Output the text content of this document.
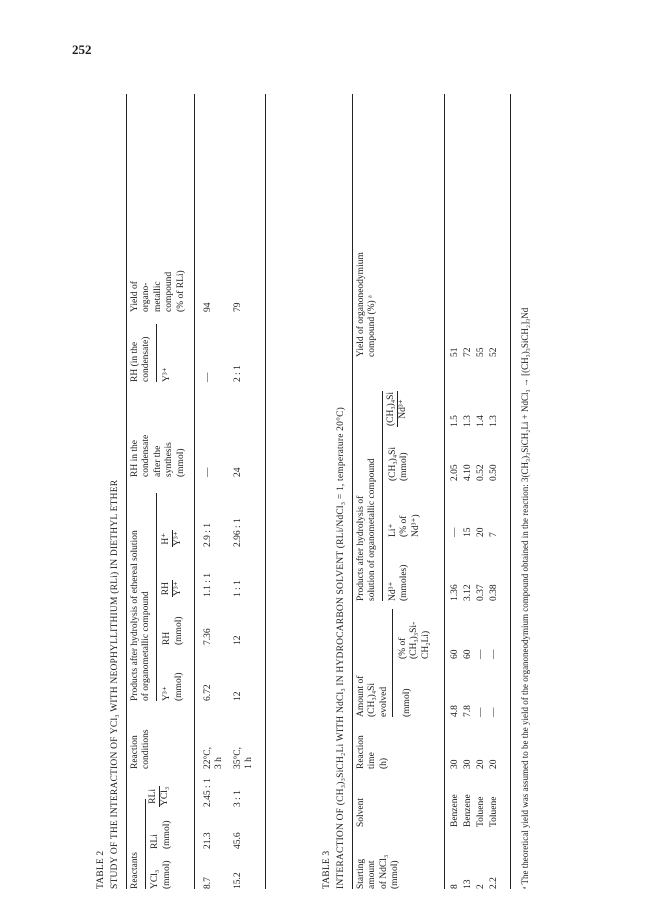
252
TABLE 2 STUDY OF THE INTERACTION OF YCl₃ WITH NEOPHYLLITHIUM (RLi) IN DIETHYL ETHER Reactants YCl₃ (mmol)
RLi (mmol)
RLi YCl₃
Reaction
conditions
Products after hydrolysis of ethereal solution
of organometallic compound
Y³⁺ (mmol)
RH (mmol)
RH Y³⁺
H⁺ Y³⁺
RH in the
condensate
after the
synthesis
(mmol)
RH (in the
condensate) Y³⁺
Yield of
organo-
metallic
compound
(% of RLi)
8.7
21.3
2.45 : 1
22°C,
3 h
6.72
7.36
1.1 : 1
2.9 : 1
—
—
94
15.2
45.6
3 : 1
35°C,
1 h
12
12
1 : 1
2.96 : 1
24
2 : 1
79
TABLE 3 INTERACTION OF (CH₃)₃SiCH₂Li WITH NdCl₃ IN HYDROCARBON SOLVENT (RLi/NdCl₃ = 1, temperature 20°C) Starting
amount
of NdCl₃
(mmol)
Solvent
Reaction
time
(h)
Amount of
(CH₃)₄Si
evolved (mmol)
(% of
(CH₃)₃Si-
CH₂Li)
Products after hydrolysis of
solution of organometallic compound
Nd³⁺
(mmoles)
Li⁺
(% of
Nd³⁺)
(CH₃)₄Si
(mmol)
(CH₃)₄Si Nd³⁺
Yield of organoneodymium
compound (%) ᵃ
8
Benzene
30
4.8
60
1.36
—
2.05
1.5
51
13
Benzene
30
7.8
60
3.12
15
4.10
1.3
72
2
Toluene
20
—
—
0.37
20
0.52
1.4
55
2.2
Toluene
20
—
—
0.38
7
0.50
1.3
52 ᵃ The theoretical yield was assumed to be the yield of the organoneodymium compound obtained in the reaction: 3(CH₃)₃SiCH₂Li + NdCl₃ → [(CH₃)₃SiCH₂]₃Nd
